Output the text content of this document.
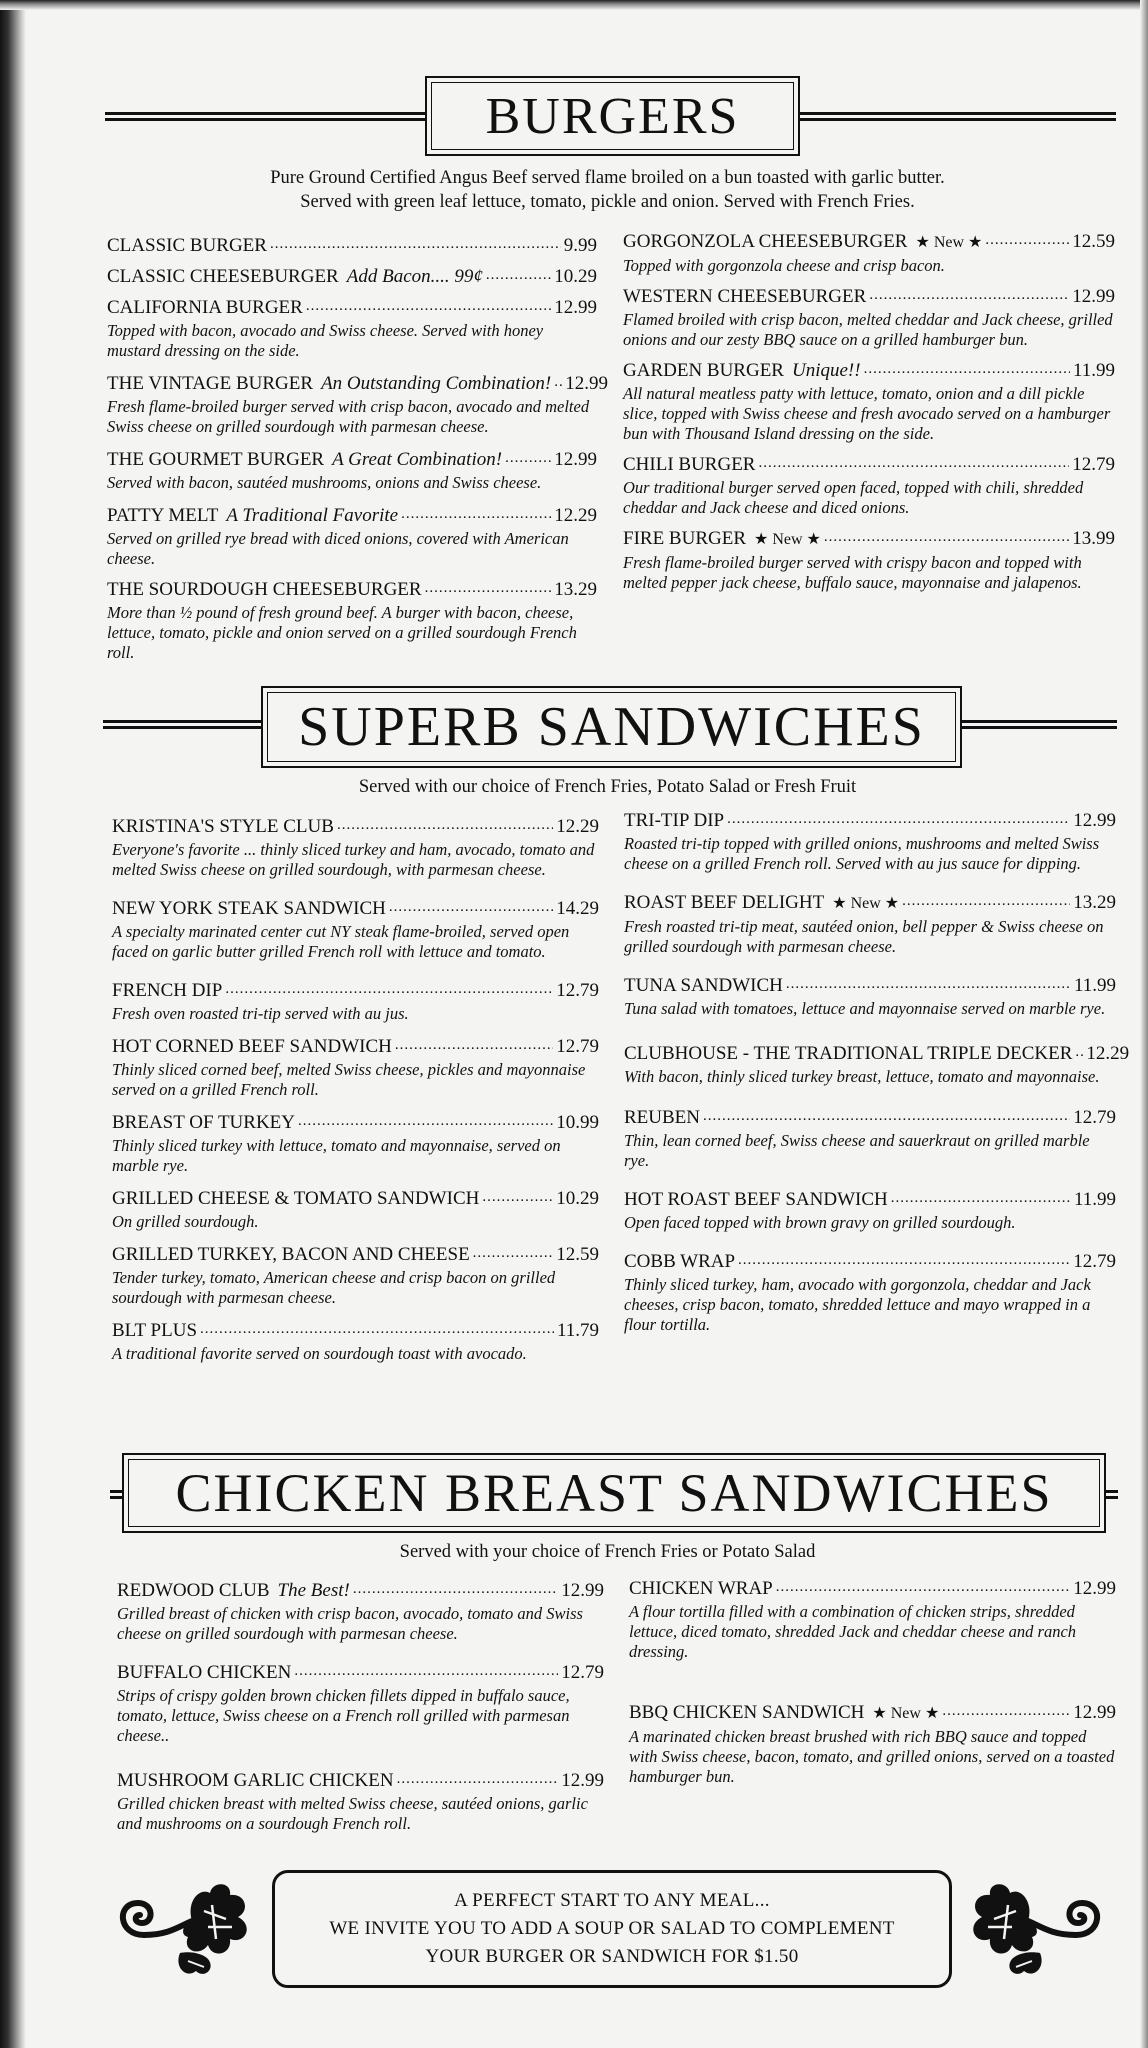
BURGERS
Pure Ground Certified Angus Beef served flame broiled on a bun toasted with garlic butter.
Served with green leaf lettuce, tomato, pickle and onion. Served with French Fries.
CLASSIC BURGER .....	9.99
CLASSIC CHEESEBURGER Add Bacon.... 99¢ .....	10.29
CALIFORNIA BURGER .....	12.99
Topped with bacon, avocado and Swiss cheese. Served with honey mustard dressing on the side.
THE VINTAGE BURGER An Outstanding Combination! ..... 12.99
Fresh flame-broiled burger served with crisp bacon, avocado and melted Swiss cheese on grilled sourdough with parmesan cheese.
THE GOURMET BURGER A Great Combination! .....	12.99
Served with bacon, sautéed mushrooms, onions and Swiss cheese.
PATTY MELT A Traditional Favorite .....	12.29
Served on grilled rye bread with diced onions, covered with American cheese.
THE SOURDOUGH CHEESEBURGER .....	13.29
More than ½ pound of fresh ground beef. A burger with bacon, cheese, lettuce, tomato, pickle and onion served on a grilled sourdough French roll.
GORGONZOLA CHEESEBURGER ★ New ★ .....	12.59
Topped with gorgonzola cheese and crisp bacon.
WESTERN CHEESEBURGER .....	12.99
Flamed broiled with crisp bacon, melted cheddar and Jack cheese, grilled onions and our zesty BBQ sauce on a grilled hamburger bun.
GARDEN BURGER Unique!! .....	11.99
All natural meatless patty with lettuce, tomato, onion and a dill pickle slice, topped with Swiss cheese and fresh avocado served on a hamburger bun with Thousand Island dressing on the side.
CHILI BURGER .....	12.79
Our traditional burger served open faced, topped with chili, shredded cheddar and Jack cheese and diced onions.
FIRE BURGER ★ New ★ .....	13.99
Fresh flame-broiled burger served with crispy bacon and topped with melted pepper jack cheese, buffalo sauce, mayonnaise and jalapenos.
SUPERB SANDWICHES
Served with our choice of French Fries, Potato Salad or Fresh Fruit
KRISTINA'S STYLE CLUB .....	12.29
Everyone's favorite ... thinly sliced turkey and ham, avocado, tomato and melted Swiss cheese on grilled sourdough, with parmesan cheese.
NEW YORK STEAK SANDWICH .....	14.29
A specialty marinated center cut NY steak flame-broiled, served open faced on garlic butter grilled French roll with lettuce and tomato.
FRENCH DIP .....	12.79
Fresh oven roasted tri-tip served with au jus.
HOT CORNED BEEF SANDWICH .....	12.79
Thinly sliced corned beef, melted Swiss cheese, pickles and mayonnaise served on a grilled French roll.
BREAST OF TURKEY .....	10.99
Thinly sliced turkey with lettuce, tomato and mayonnaise, served on marble rye.
GRILLED CHEESE & TOMATO SANDWICH .....	10.29
On grilled sourdough.
GRILLED TURKEY, BACON AND CHEESE .....	12.59
Tender turkey, tomato, American cheese and crisp bacon on grilled sourdough with parmesan cheese.
BLT PLUS .....	11.79
A traditional favorite served on sourdough toast with avocado.
TRI-TIP DIP .....	12.99
Roasted tri-tip topped with grilled onions, mushrooms and melted Swiss cheese on a grilled French roll. Served with au jus sauce for dipping.
ROAST BEEF DELIGHT ★ New ★ .....	13.29
Fresh roasted tri-tip meat, sautéed onion, bell pepper & Swiss cheese on grilled sourdough with parmesan cheese.
TUNA SANDWICH .....	11.99
Tuna salad with tomatoes, lettuce and mayonnaise served on marble rye.
CLUBHOUSE - THE TRADITIONAL TRIPLE DECKER ..... 12.29
With bacon, thinly sliced turkey breast, lettuce, tomato and mayonnaise.
REUBEN .....	12.79
Thin, lean corned beef, Swiss cheese and sauerkraut on grilled marble rye.
HOT ROAST BEEF SANDWICH .....	11.99
Open faced topped with brown gravy on grilled sourdough.
COBB WRAP .....	12.79
Thinly sliced turkey, ham, avocado with gorgonzola, cheddar and Jack cheeses, crisp bacon, tomato, shredded lettuce and mayo wrapped in a flour tortilla.
CHICKEN BREAST SANDWICHES
Served with your choice of French Fries or Potato Salad
REDWOOD CLUB The Best! .....	12.99
Grilled breast of chicken with crisp bacon, avocado, tomato and Swiss cheese on grilled sourdough with parmesan cheese.
BUFFALO CHICKEN .....	12.79
Strips of crispy golden brown chicken fillets dipped in buffalo sauce, tomato, lettuce, Swiss cheese on a French roll grilled with parmesan cheese..
MUSHROOM GARLIC CHICKEN .....	12.99
Grilled chicken breast with melted Swiss cheese, sautéed onions, garlic and mushrooms on a sourdough French roll.
CHICKEN WRAP .....	12.99
A flour tortilla filled with a combination of chicken strips, shredded lettuce, diced tomato, shredded Jack and cheddar cheese and ranch dressing.
BBQ CHICKEN SANDWICH ★ New ★ .....	12.99
A marinated chicken breast brushed with rich BBQ sauce and topped with Swiss cheese, bacon, tomato, and grilled onions, served on a toasted hamburger bun.
A PERFECT START TO ANY MEAL...
WE INVITE YOU TO ADD A SOUP OR SALAD TO COMPLEMENT
YOUR BURGER OR SANDWICH FOR $1.50
